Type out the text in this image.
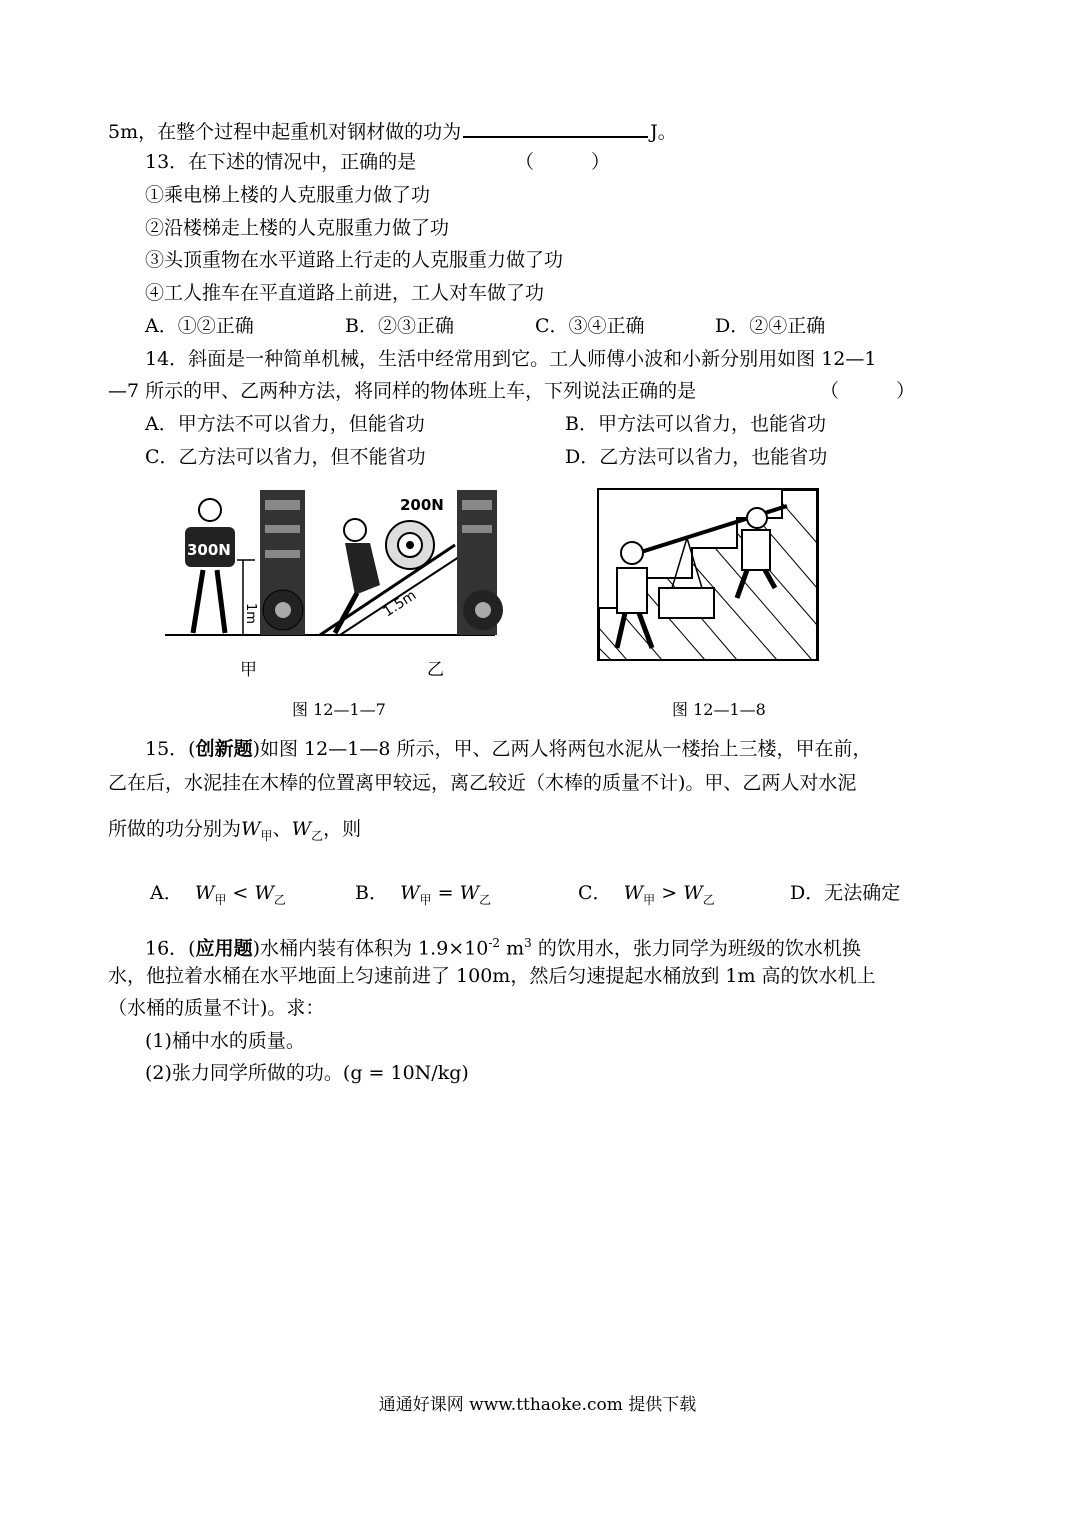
5m，在整个过程中起重机对钢材做的功为	J。
13．在下述的情况中，正确的是	（　　　）
①乘电梯上楼的人克服重力做了功
②沿楼梯走上楼的人克服重力做了功
③头顶重物在水平道路上行走的人克服重力做了功
④工人推车在平直道路上前进，工人对车做了功
A．①②正确	B．②③正确	C．③④正确	D．②④正确
14．斜面是一种简单机械，生活中经常用到它。工人师傅小波和小新分别用如图 12—1
—7 所示的甲、乙两种方法，将同样的物体班上车，下列说法正确的是	（　　　）
A．甲方法不可以省力，但能省功	B．甲方法可以省力，也能省功
C．乙方法可以省力，但不能省功	D．乙方法可以省力，也能省功
300N
1m	1.5m
200N
甲	乙
图 12—1—7	图 12—1—8
15．(创新题)如图 12—1—8 所示，甲、乙两人将两包水泥从一楼抬上三楼，甲在前，
乙在后，水泥挂在木棒的位置离甲较远，离乙较近（木棒的质量不计)。甲、乙两人对水泥
所做的功分别为$W_甲$、$W_乙$，则
A． $W_甲 < W_乙$	B． $W_甲 = W_乙$	C． $W_甲 > W_乙$	D．无法确定
16．(应用题)水桶内装有体积为 $1.9\times 10^{-2}$ $m^3$ 的饮用水，张力同学为班级的饮水机换
水，他拉着水桶在水平地面上匀速前进了 100m，然后匀速提起水桶放到 1m 高的饮水机上
（水桶的质量不计)。求：
(1)桶中水的质量。
(2)张力同学所做的功。(g = 10N/kg)
通通好课网 www.tthaoke.com 提供下载
